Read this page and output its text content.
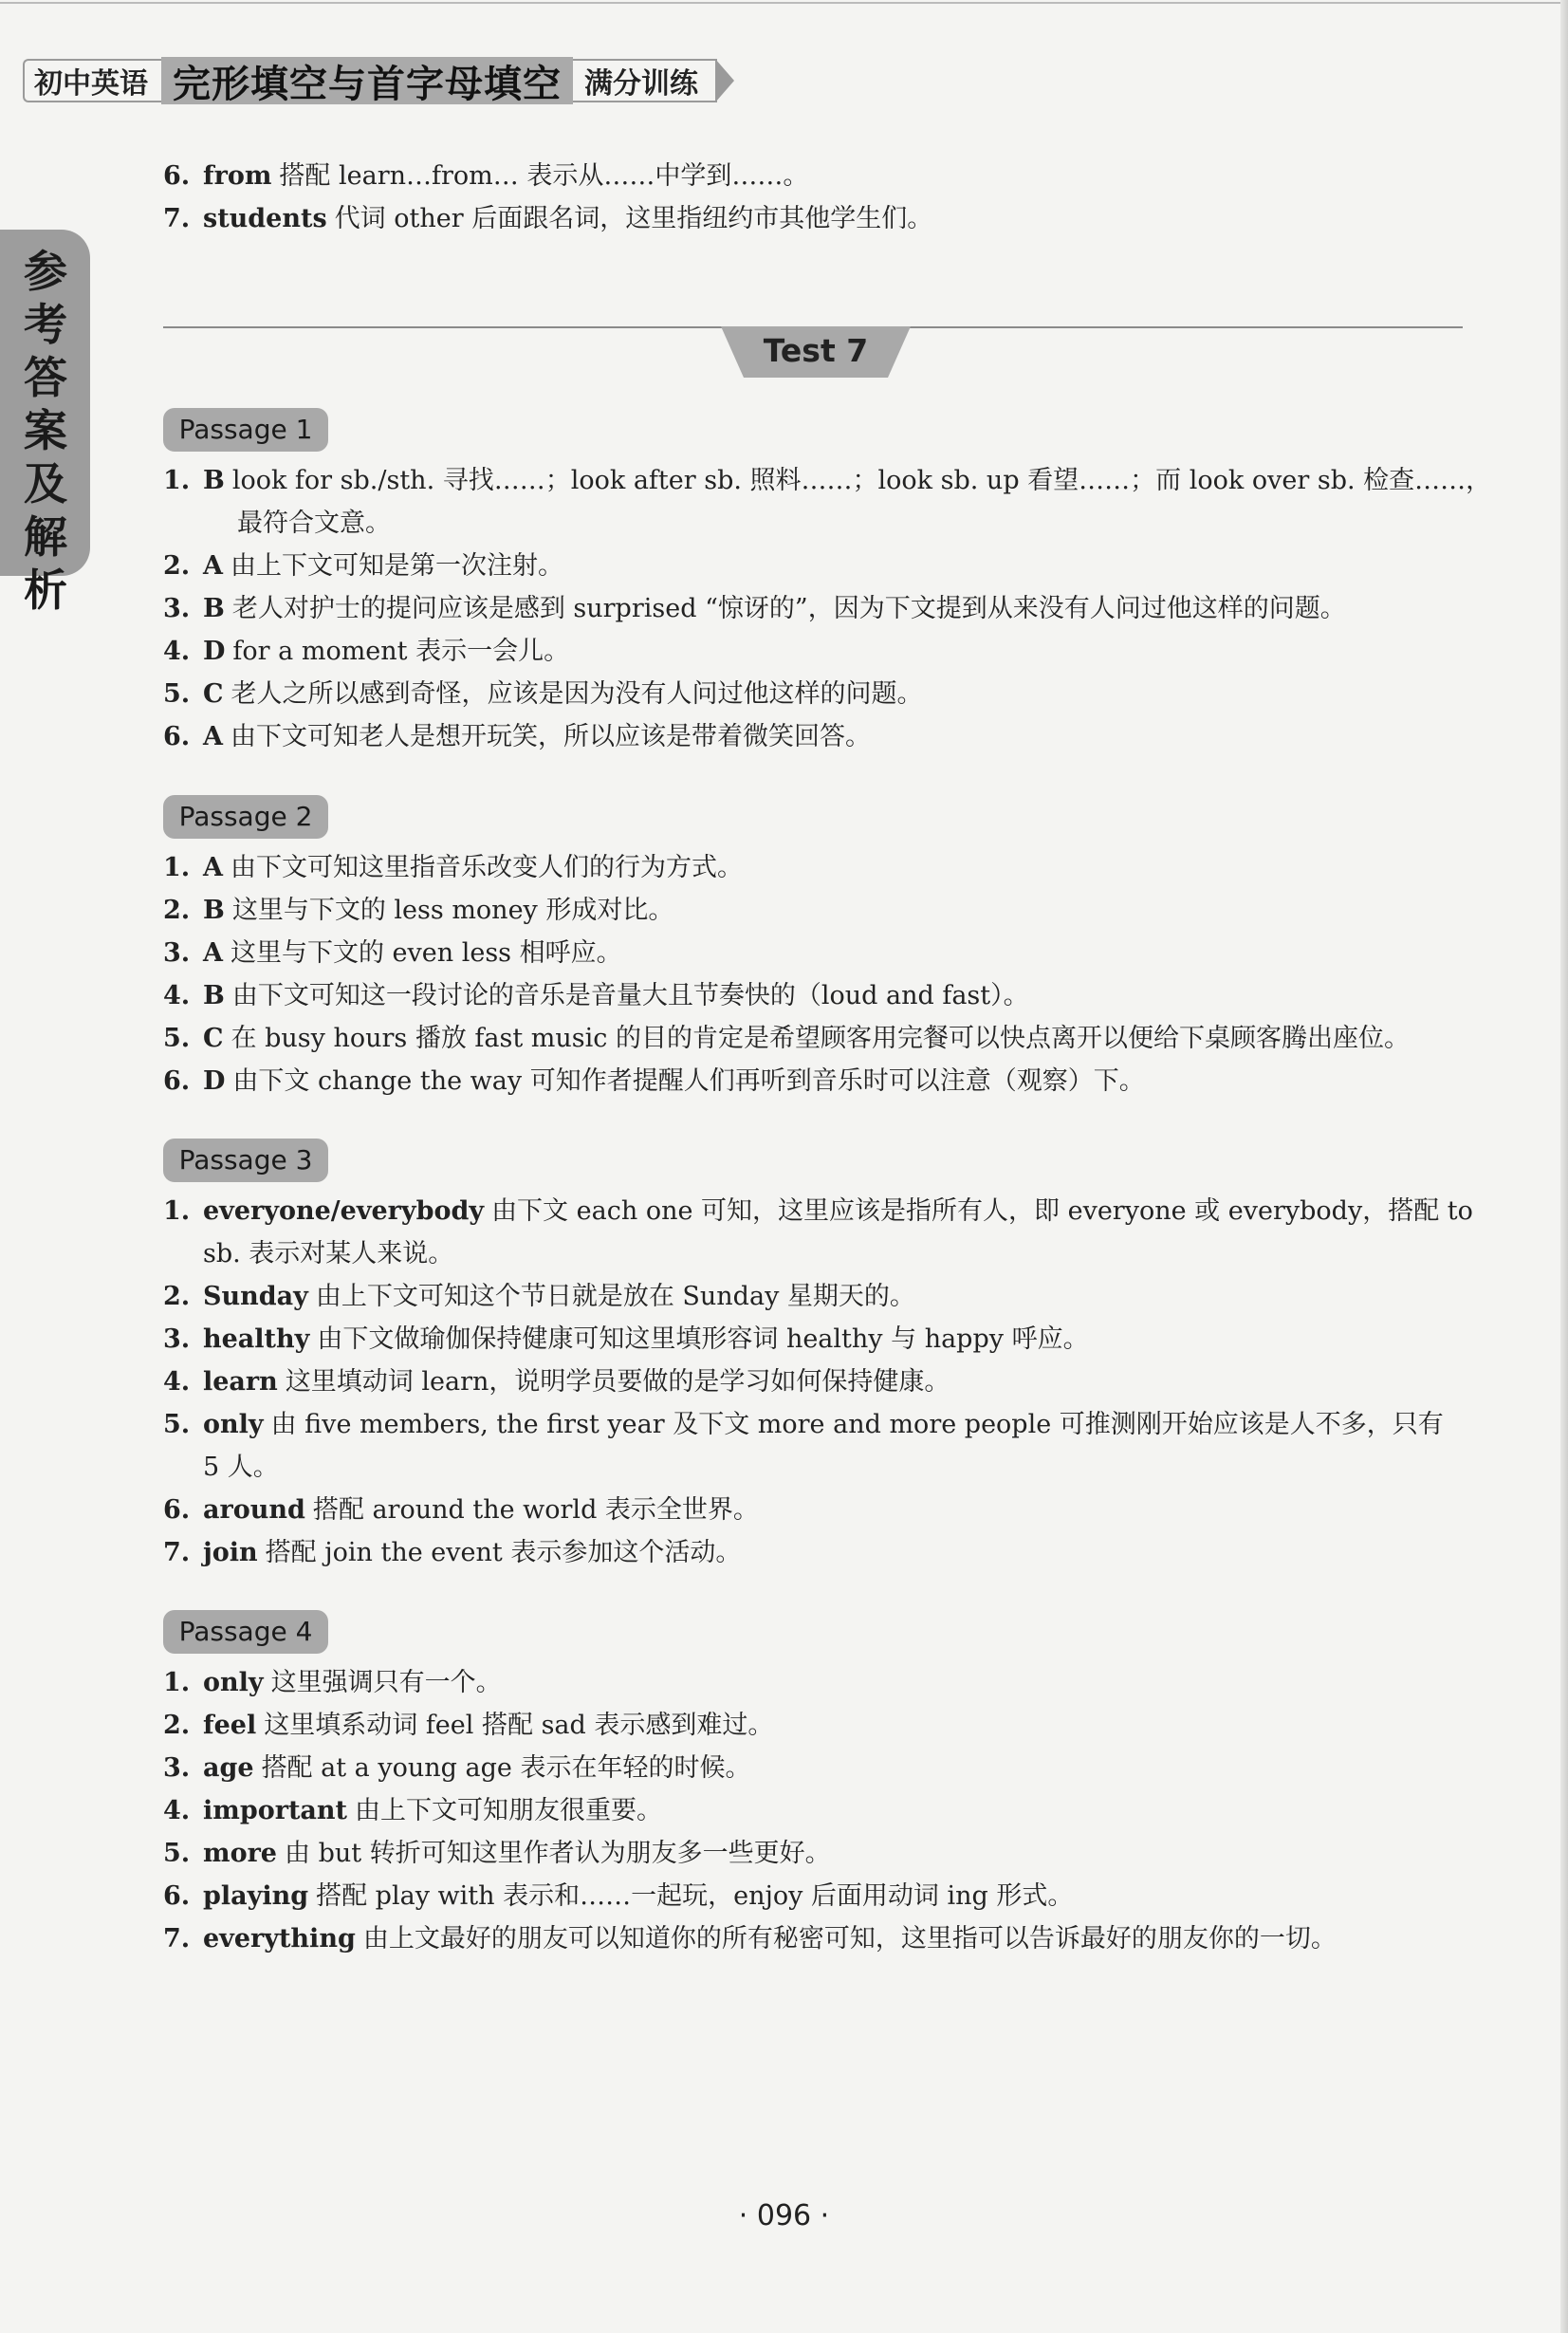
初中英语 完形填空与首字母填空 满分训练
参考答案及解析
6. from 搭配 learn…from… 表示从……中学到……。
7. students 代词 other 后面跟名词，这里指纽约市其他学生们。
Test 7
Passage 1
1. B look for sb./sth. 寻找……；look after sb. 照料……；look sb. up 看望……；而 look over sb. 检查……，
最符合文意。
2. A 由上下文可知是第一次注射。
3. B 老人对护士的提问应该是感到 surprised “惊讶的”，因为下文提到从来没有人问过他这样的问题。
4. D for a moment 表示一会儿。
5. C 老人之所以感到奇怪，应该是因为没有人问过他这样的问题。
6. A 由下文可知老人是想开玩笑，所以应该是带着微笑回答。
Passage 2
1. A 由下文可知这里指音乐改变人们的行为方式。
2. B 这里与下文的 less money 形成对比。
3. A 这里与下文的 even less 相呼应。
4. B 由下文可知这一段讨论的音乐是音量大且节奏快的（loud and fast）。
5. C 在 busy hours 播放 fast music 的目的肯定是希望顾客用完餐可以快点离开以便给下桌顾客腾出座位。
6. D 由下文 change the way 可知作者提醒人们再听到音乐时可以注意（观察）下。
Passage 3
1. everyone/everybody 由下文 each one 可知，这里应该是指所有人，即 everyone 或 everybody，搭配 to
sb. 表示对某人来说。
2. Sunday 由上下文可知这个节日就是放在 Sunday 星期天的。
3. healthy 由下文做瑜伽保持健康可知这里填形容词 healthy 与 happy 呼应。
4. learn 这里填动词 learn，说明学员要做的是学习如何保持健康。
5. only 由 five members, the first year 及下文 more and more people 可推测刚开始应该是人不多，只有
5 人。
6. around 搭配 around the world 表示全世界。
7. join 搭配 join the event 表示参加这个活动。
Passage 4
1. only 这里强调只有一个。
2. feel 这里填系动词 feel 搭配 sad 表示感到难过。
3. age 搭配 at a young age 表示在年轻的时候。
4. important 由上下文可知朋友很重要。
5. more 由 but 转折可知这里作者认为朋友多一些更好。
6. playing 搭配 play with 表示和……一起玩，enjoy 后面用动词 ing 形式。
7. everything 由上文最好的朋友可以知道你的所有秘密可知，这里指可以告诉最好的朋友你的一切。
· 096 ·
